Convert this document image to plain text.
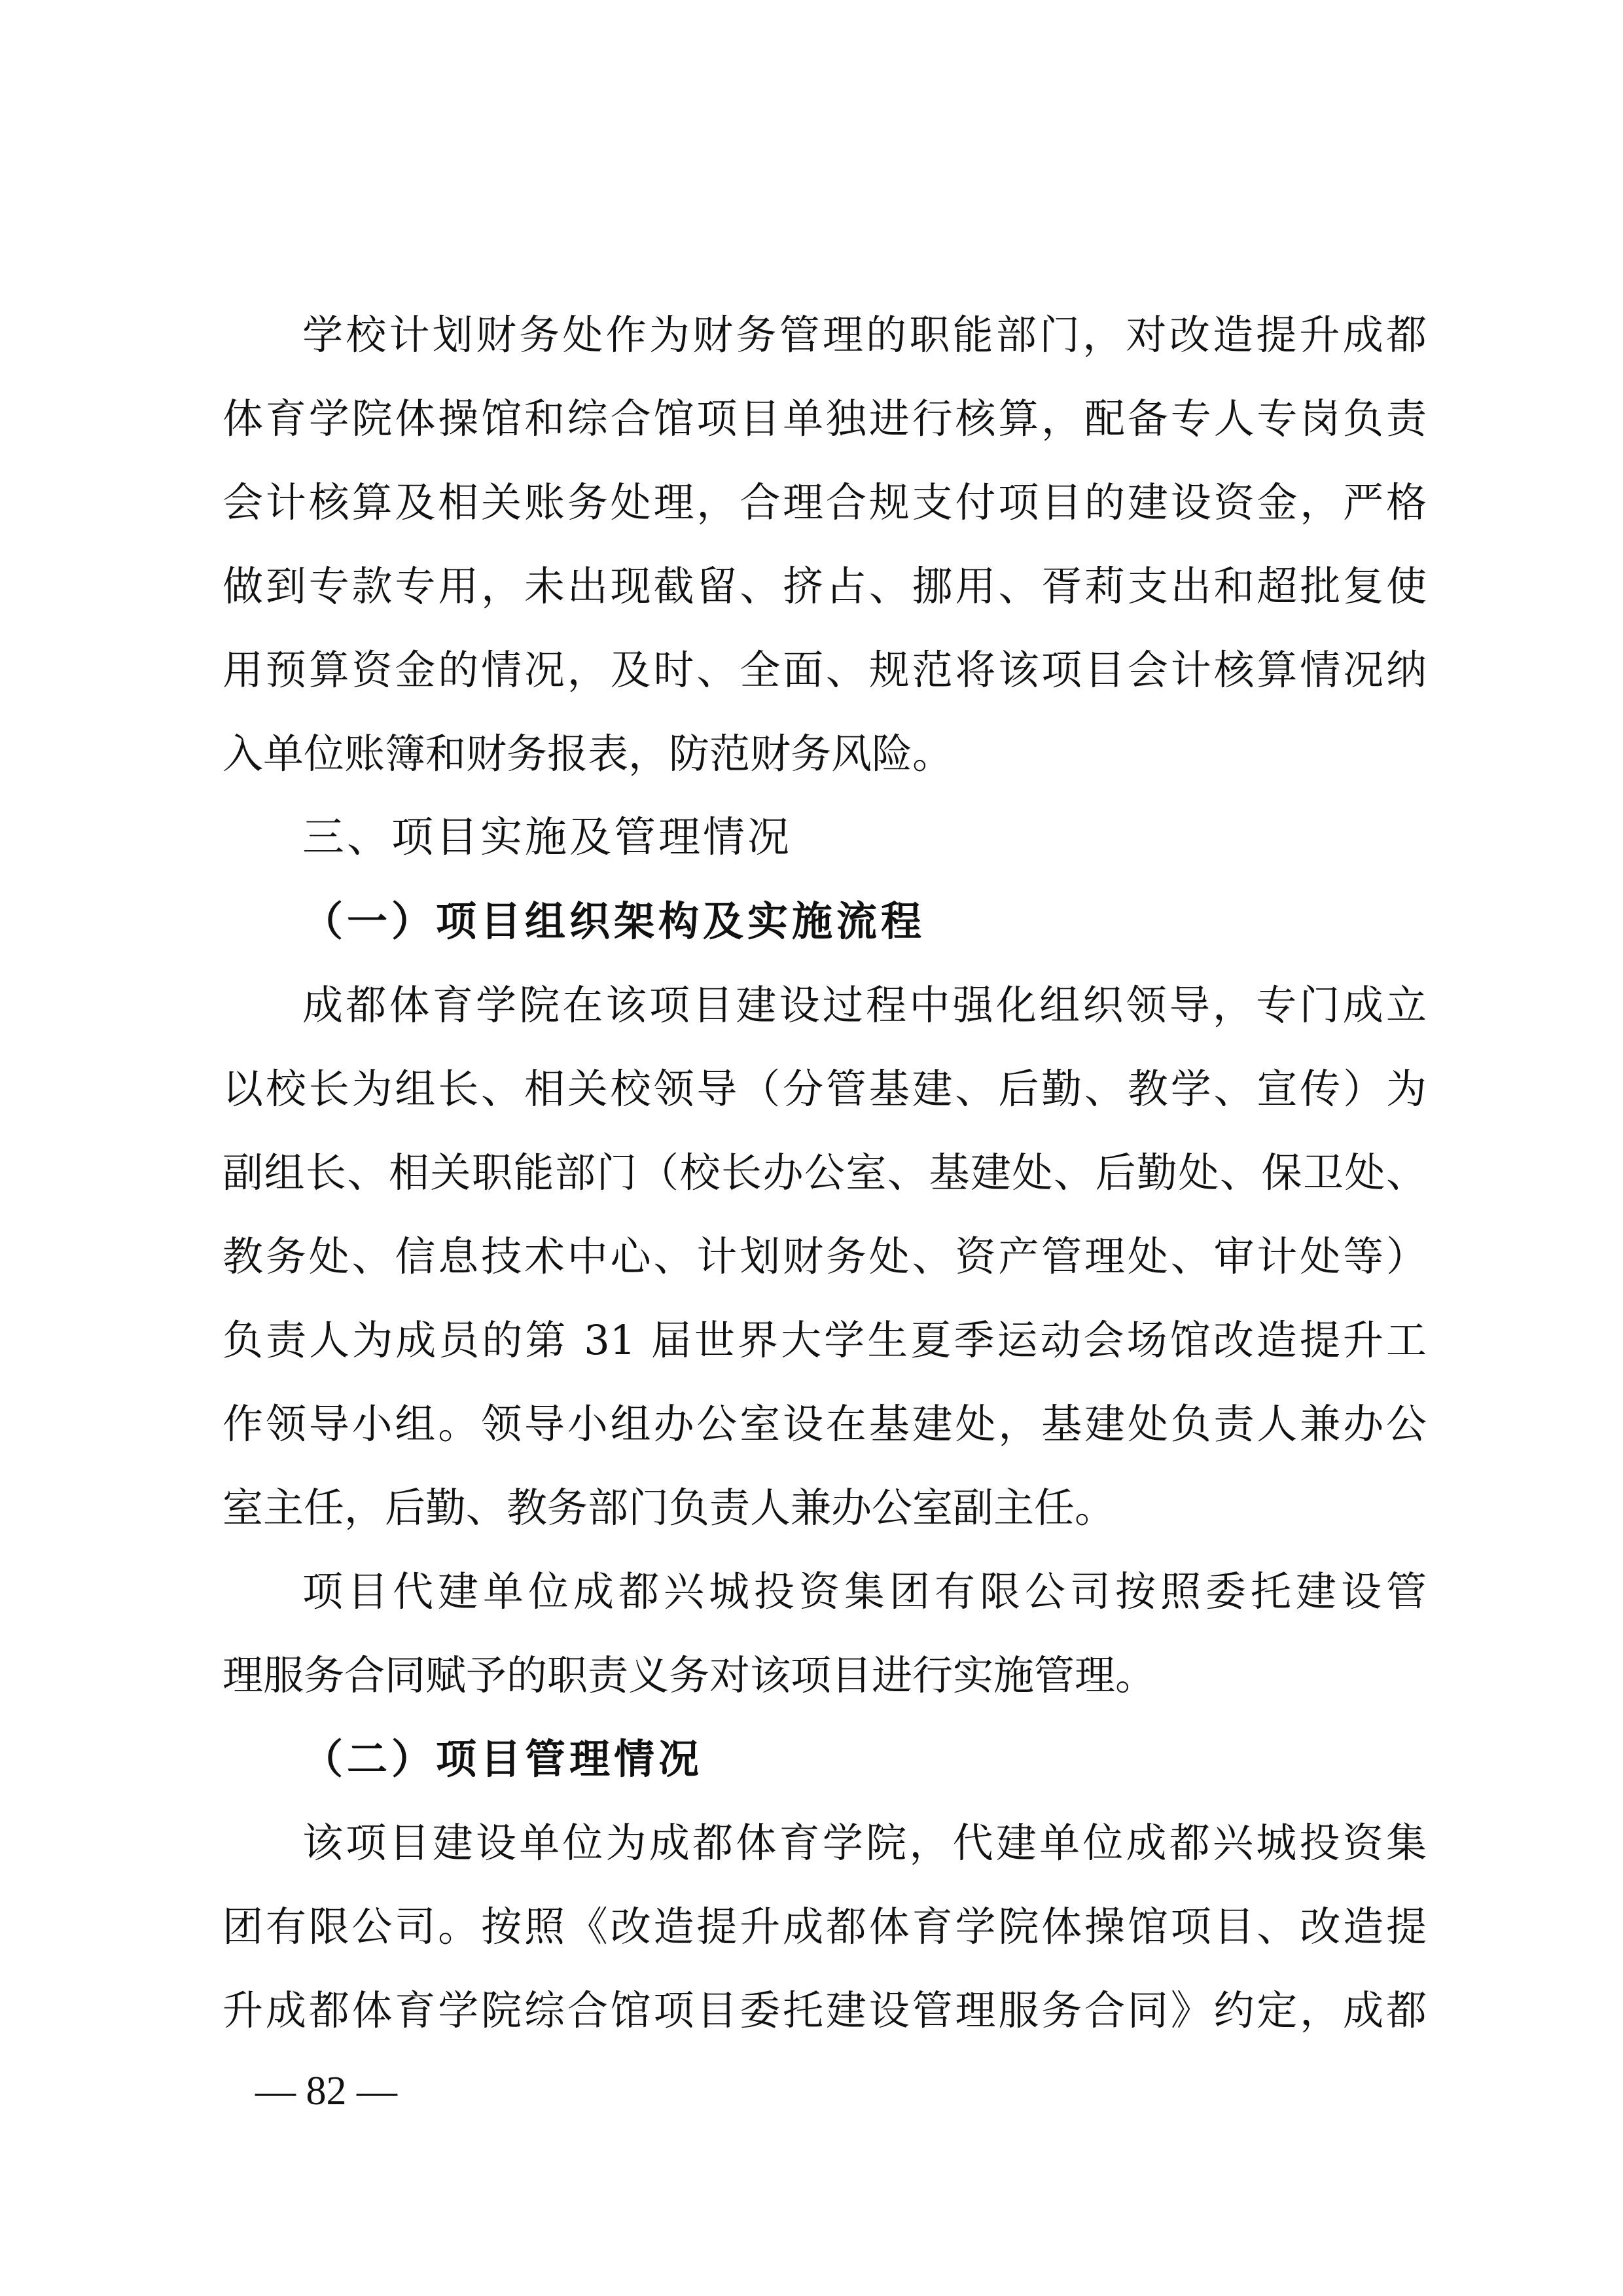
学校计划财务处作为财务管理的职能部门，对改造提升成都
体育学院体操馆和综合馆项目单独进行核算，配备专人专岗负责
会计核算及相关账务处理，合理合规支付项目的建设资金，严格
做到专款专用，未出现截留、挤占、挪用、胥莉支出和超批复使
用预算资金的情况，及时、全面、规范将该项目会计核算情况纳
入单位账簿和财务报表，防范财务风险。
三、项目实施及管理情况
（一）项目组织架构及实施流程
成都体育学院在该项目建设过程中强化组织领导，专门成立
以校长为组长、相关校领导（分管基建、后勤、教学、宣传）为
副组长、相关职能部门（校长办公室、基建处、后勤处、保卫处、
教务处、信息技术中心、计划财务处、资产管理处、审计处等）
负责人为成员的第 31 届世界大学生夏季运动会场馆改造提升工
作领导小组。领导小组办公室设在基建处，基建处负责人兼办公
室主任，后勤、教务部门负责人兼办公室副主任。
项目代建单位成都兴城投资集团有限公司按照委托建设管
理服务合同赋予的职责义务对该项目进行实施管理。
（二）项目管理情况
该项目建设单位为成都体育学院，代建单位成都兴城投资集
团有限公司。按照《改造提升成都体育学院体操馆项目、改造提
升成都体育学院综合馆项目委托建设管理服务合同》约定，成都
— 82 —
